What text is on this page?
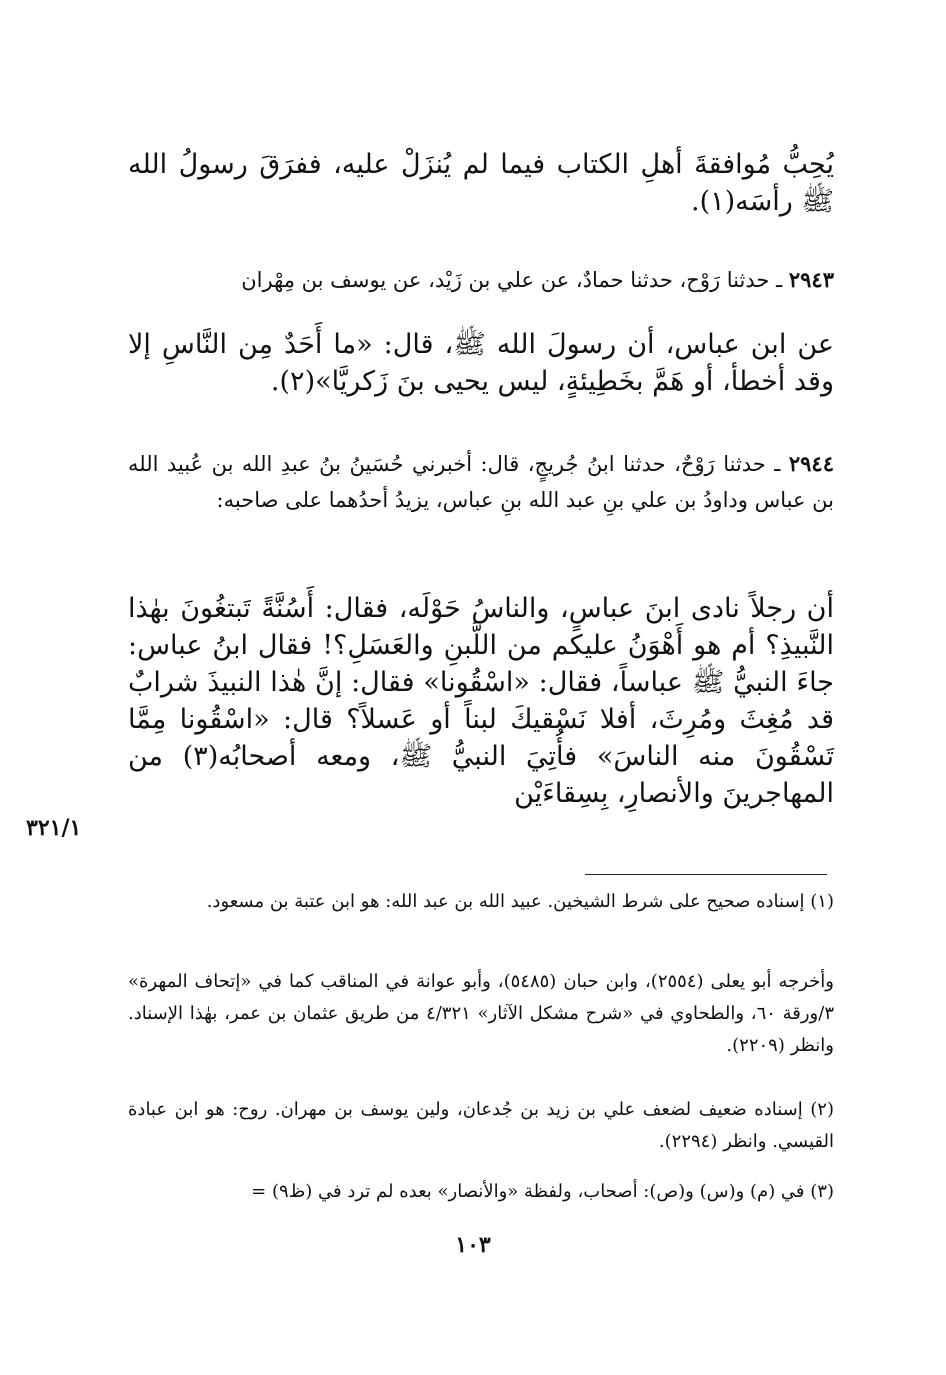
يُحِبُّ مُوافقةَ أهلِ الكتاب فيما لم يُنزَلْ عليه، ففرَقَ رسولُ الله ﷺ رأسَه(١).
٢٩٤٣ ـ حدثنا رَوْح، حدثنا حمادٌ، عن علي بن زَيْد، عن يوسف بن مِهْران
عن ابن عباس، أن رسولَ الله ﷺ، قال: «ما أَحَدٌ مِن النَّاسِ إلا وقد أخطأ، أو هَمَّ بخَطِيئةٍ، ليس يحيى بنَ زَكريَّا»(٢).
٢٩٤٤ ـ حدثنا رَوْحٌ، حدثنا ابنُ جُريجٍ، قال: أخبرني حُسَينُ بنُ عبدِ الله بن عُبيد الله بن عباس وداودُ بن علي بنِ عبد الله بنِ عباس، يزيدُ أحدُهما على صاحبه:
أن رجلاً نادى ابنَ عباسٍ، والناسُ حَوْلَه، فقال: أَسُنَّةً تَبتغُونَ بهٰذا النَّبيذِ؟ أم هو أَهْوَنُ عليكم من اللَّبنِ والعَسَلِ؟! فقال ابنُ عباس: جاءَ النبيُّ ﷺ عباساً، فقال: «اسْقُونا» فقال: إنَّ هٰذا النبيذَ شرابٌ قد مُغِثَ ومُرِثَ، أفلا نَسْقيكَ لبناً أو عَسلاً؟ قال: «اسْقُونا مِمَّا تَسْقُونَ منه الناسَ» فأُتِيَ النبيُّ ﷺ، ومعه أصحابُه(٣) من المهاجرينَ والأنصارِ، بِسِقاءَيْن
٣٢١/١
(١) إسناده صحيح على شرط الشيخين. عبيد الله بن عبد الله: هو ابن عتبة بن مسعود.
وأخرجه أبو يعلى (٢٥٥٤)، وابن حبان (٥٤٨٥)، وأبو عوانة في المناقب كما في «إتحاف المهرة» ٣/ورقة ٦٠، والطحاوي في «شرح مشكل الآثار» ٤/٣٢١ من طريق عثمان بن عمر، بهٰذا الإسناد. وانظر (٢٢٠٩).
(٢) إسناده ضعيف لضعف علي بن زيد بن جُدعان، ولين يوسف بن مهران. روح: هو ابن عبادة القيسي. وانظر (٢٢٩٤).
(٣) في (م) و(س) و(ص): أصحاب، ولفظة «والأنصار» بعده لم ترد في (ظ٩) =
١٠٣
